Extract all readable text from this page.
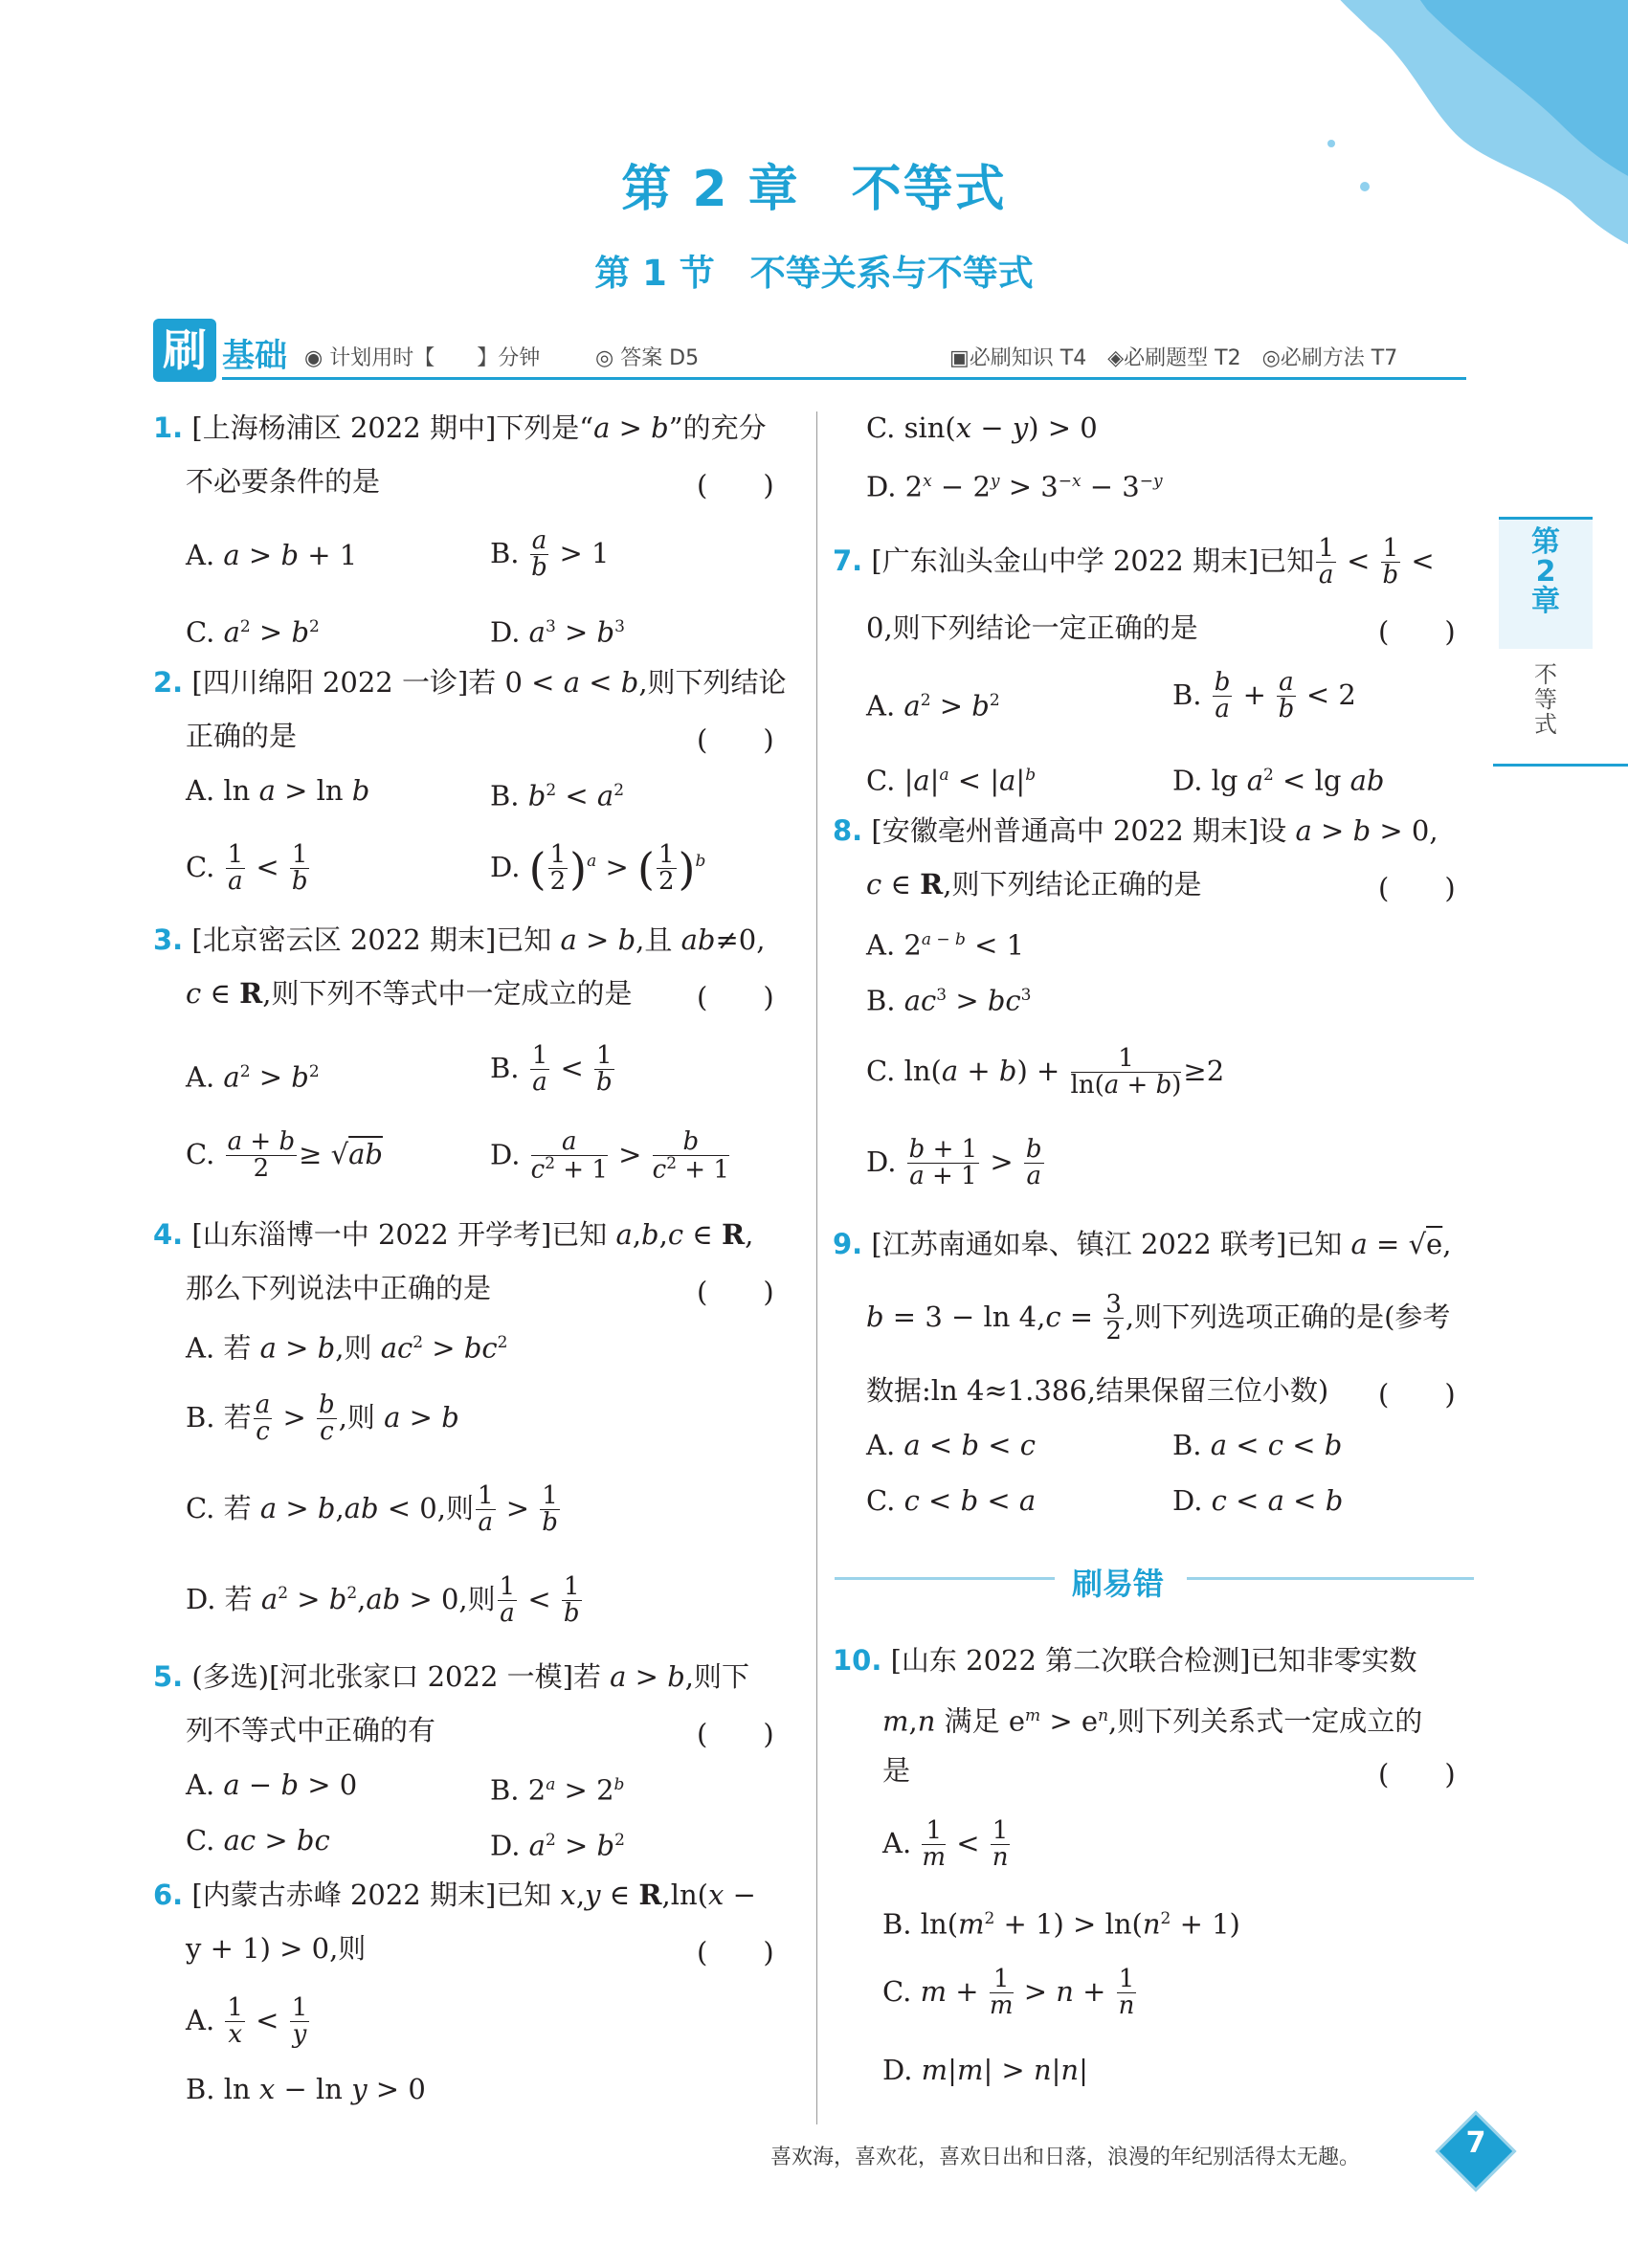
第 2 章　不等式
第 1 节　不等关系与不等式
刷 基础 ◉ 计划用时【　　】分钟	◎ 答案 D5	▣必刷知识 T4　◈必刷题型 T2　◎必刷方法 T7
第
2
章
不
等
式
1. [上海杨浦区 2022 期中]下列是“a > b”的充分
不必要条件的是	(　　)
A. a > b + 1	B. $\frac{a}{b} > 1$
C. $a^2 > b^2$	D. $a^3 > b^3$
2. [四川绵阳 2022 一诊]若 0 < a < b,则下列结论
正确的是	(　　)
A. ln a > ln b	B. $b^2 < a^2$
C. $\frac{1}{a} < \frac{1}{b}$	D. ( $\frac{1}{2} )^a$ > ( $\frac{1}{2} )^b$
3. [北京密云区 2022 期末]已知 a > b,且 ab≠0,
c ∈ R,则下列不等式中一定成立的是 (　　)
A. $a^2 > b^2$	B. $\frac{1}{a} < \frac{1}{b}$
C. $\frac{a + b}{2} \ge √ab$	D. $\frac{a}{c^2 + 1} > \frac{b}{c^2 + 1}$
4. [山东淄博一中 2022 开学考]已知 a,b,c ∈ R,
那么下列说法中正确的是	(　　)
A. 若 a > b,则 $ac^2 > bc^2$
B. 若 $\frac{a}{c} > \frac{b}{c}$ ,则 a > b
C. 若 a > b,ab < 0,则 $\frac{1}{a} > \frac{1}{b}$
D. 若 $a^2 > b^2,ab > 0$,则 $\frac{1}{a} < \frac{1}{b}$
5. (多选)[河北张家口 2022 一模]若 a > b,则下
列不等式中正确的有	(　　)
A. a − b > 0	B. $2^a > 2^b$
C. ac > bc	D. $a^2 > b^2$
6. [内蒙古赤峰 2022 期末]已知 x,y ∈ R,ln(x −
y + 1) > 0,则	(　　)
A. $\frac{1}{x} < \frac{1}{y}$
B. ln x − ln y > 0
C. sin(x − y) > 0
D. $2^x - 2^y > 3^{-x} - 3^{-y}$
7. [广东汕头金山中学 2022 期末]已知 $\frac{1}{a} < \frac{1}{b}$ <
0,则下列结论一定正确的是	(　　)
A. $a^2 > b^2$	B. $\frac{b}{a} + \frac{a}{b} < 2$
C. $|a|^a < |a|^b$	D. $\lg a^2 < \lg$ ab
8. [安徽亳州普通高中 2022 期末]设 a > b > 0,
c ∈ R,则下列结论正确的是	(　　)
A. $2^{a - b} < 1$
B. $ac^3 > bc^3$
C. $\ln(a + b) + \frac{1}{\ln(a + b)} \ge 2$
D. $\frac{b + 1}{a + 1} > \frac{b}{a}$
9. [江苏南通如皋、镇江 2022 联考]已知 a = √e,
$b = 3 - \ln 4,c = \frac{3}{2}$ ,则下列选项正确的是(参考
数据:ln 4≈1.386,结果保留三位小数) (　　)
A. a < b < c	B. a < c < b
C. c < b < a	D. c < a < b
刷易错
10. [山东 2022 第二次联合检测]已知非零实数
m,n 满足 $e^m > e^n$,则下列关系式一定成立的
是	(　　)
A. $\frac{1}{m} < \frac{1}{n}$
B. $\ln(m^2 + 1) > \ln(n^2 + 1)$
C. $m + \frac{1}{m} > n + \frac{1}{n}$
D. m|m| > n|n|
喜欢海，喜欢花，喜欢日出和日落，浪漫的年纪别活得太无趣。	7
